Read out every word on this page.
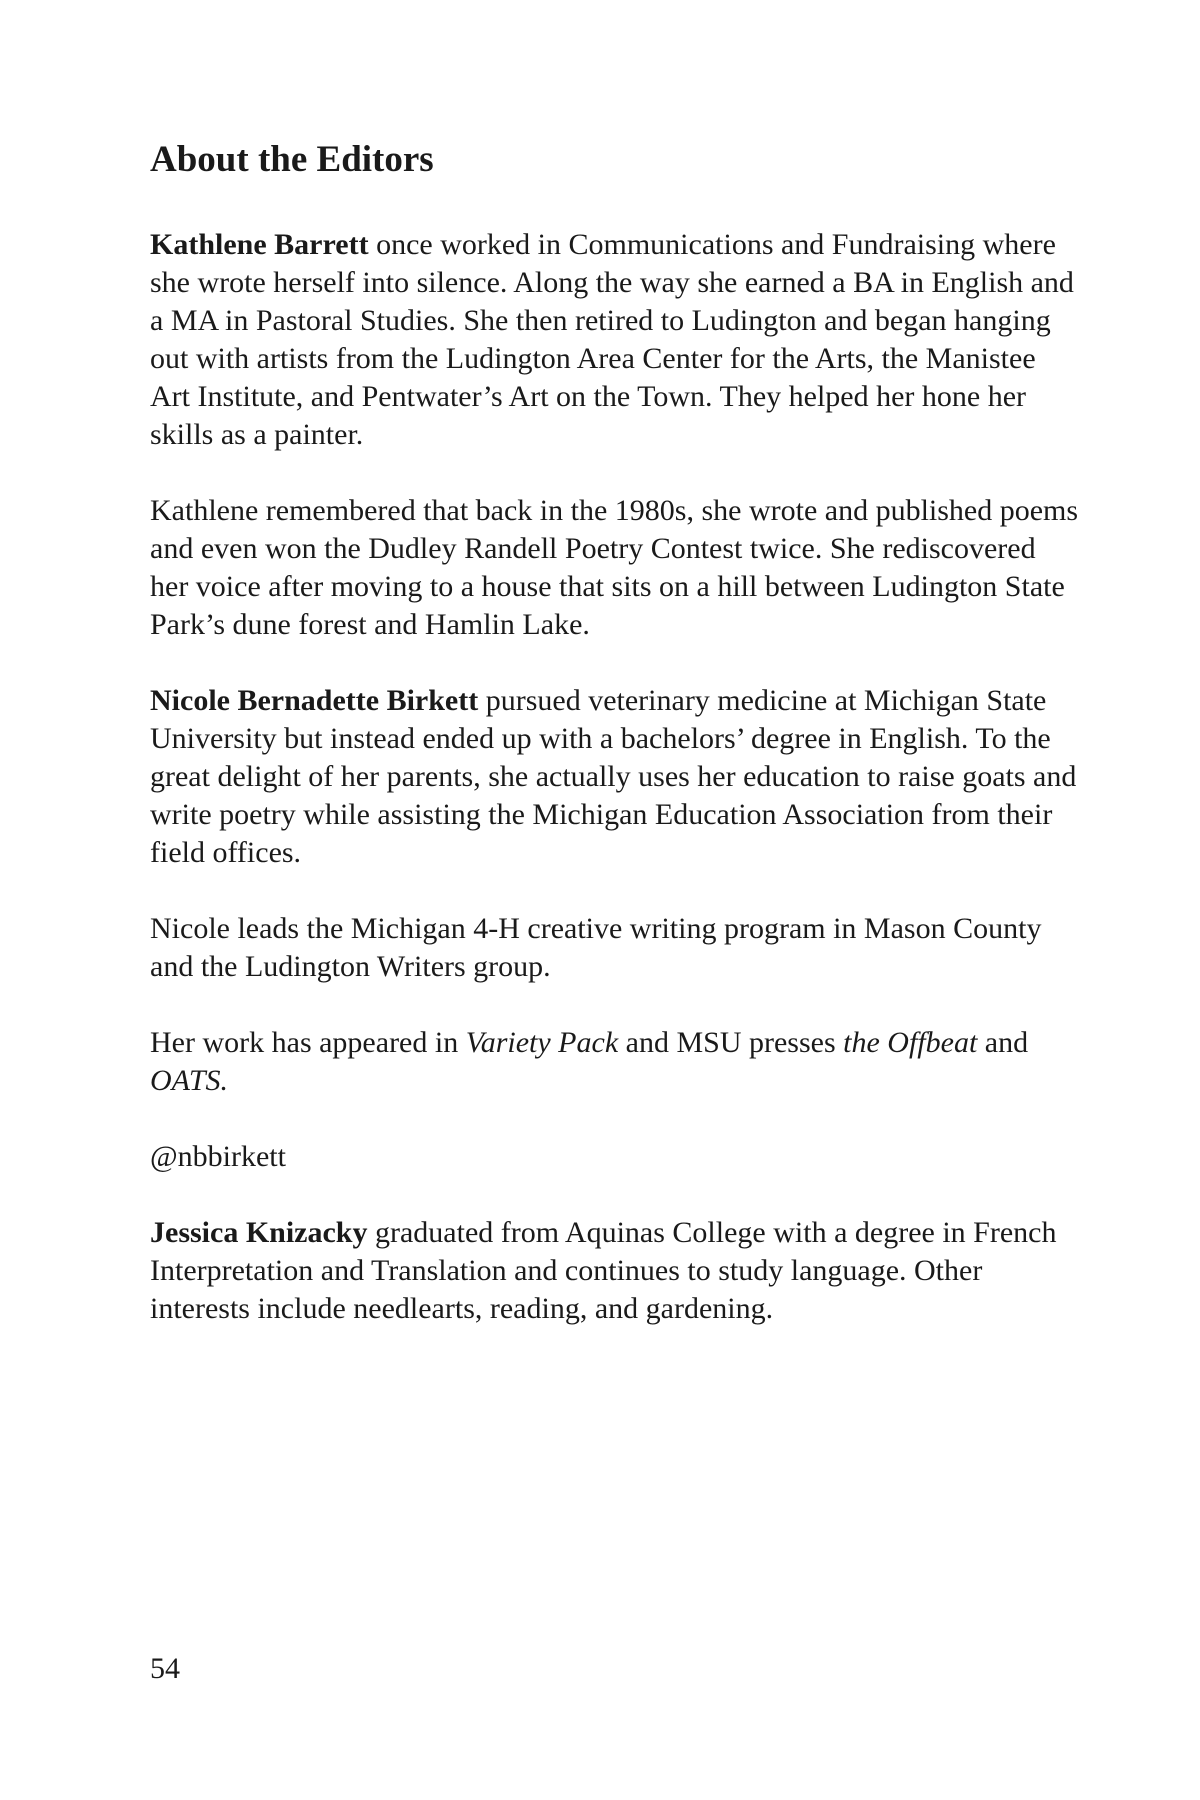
About the Editors

Kathlene Barrett once worked in Communications and Fundraising where she wrote herself into silence. Along the way she earned a BA in English and a MA in Pastoral Studies. She then retired to Ludington and began hanging out with artists from the Ludington Area Center for the Arts, the Manistee Art Institute, and Pentwater’s Art on the Town. They helped her hone her skills as a painter.

Kathlene remembered that back in the 1980s, she wrote and published poems and even won the Dudley Randell Poetry Contest twice. She rediscovered her voice after moving to a house that sits on a hill between Ludington State Park’s dune forest and Hamlin Lake.

Nicole Bernadette Birkett pursued veterinary medicine at Michigan State University but instead ended up with a bachelors’ degree in English. To the great delight of her parents, she actually uses her education to raise goats and write poetry while assisting the Michigan Education Association from their field offices.

Nicole leads the Michigan 4-H creative writing program in Mason County and the Ludington Writers group.

Her work has appeared in Variety Pack and MSU presses the Offbeat and OATS.

@nbbirkett

Jessica Knizacky graduated from Aquinas College with a degree in French Interpretation and Translation and continues to study language. Other interests include needlearts, reading, and gardening.

54
